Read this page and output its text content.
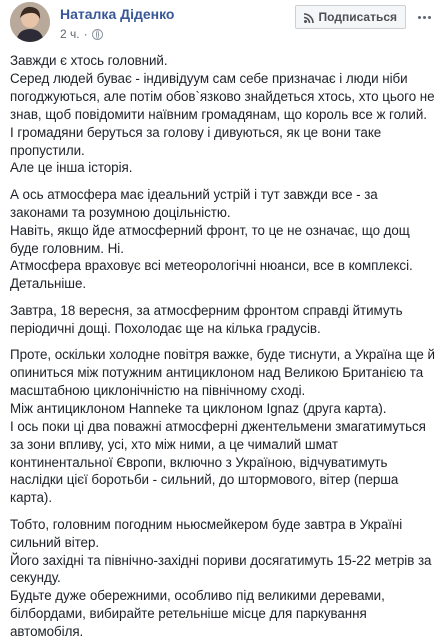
Наталка Діденко
2 ч. ·
Подписаться

Завжди є хтось головний.
Серед людей буває - індивідуум сам себе призначає і люди ніби погоджуються, але потім обов`язково знайдеться хтось, хто цього не знав, щоб повідомити наївним громадянам, що король все ж голий.
І громадяни беруться за голову і дивуються, як це вони таке пропустили.
Але це інша історія.

А ось атмосфера має ідеальний устрій і тут завжди все - за законами та розумною доцільністю.
Навіть, якщо йде атмосферний фронт, то це не означає, що дощ буде головним. Ні.
Атмосфера враховує всі метеорологічні нюанси, все в комплексі.
Детальніше.

Завтра, 18 вересня, за атмосферним фронтом справді йтимуть періодичні дощі. Похолодає ще на кілька градусів.

Проте, оскільки холодне повітря важке, буде тиснути, а Україна ще й опиниться між потужним антициклоном над Великою Британією та масштабною циклонічністю на північному сході.
Між антициклоном Hanneke та циклоном Ignaz (друга карта).
І ось поки ці два поважні атмосферні джентельмени змагатимуться за зони впливу, усі, хто між ними, а це чималий шмат континентальної Європи, включно з Україною, відчуватимуть наслідки цієї боротьби - сильний, до штормового, вітер (перша карта).

Тобто, головним погодним ньюсмейкером буде завтра в Україні сильний вітер.
Його західні та північно-західні пориви досягатимуть 15-22 метрів за секунду.
Будьте дуже обережними, особливо під великими деревами, білбордами, вибирайте ретельніше місце для паркування автомобіля.
